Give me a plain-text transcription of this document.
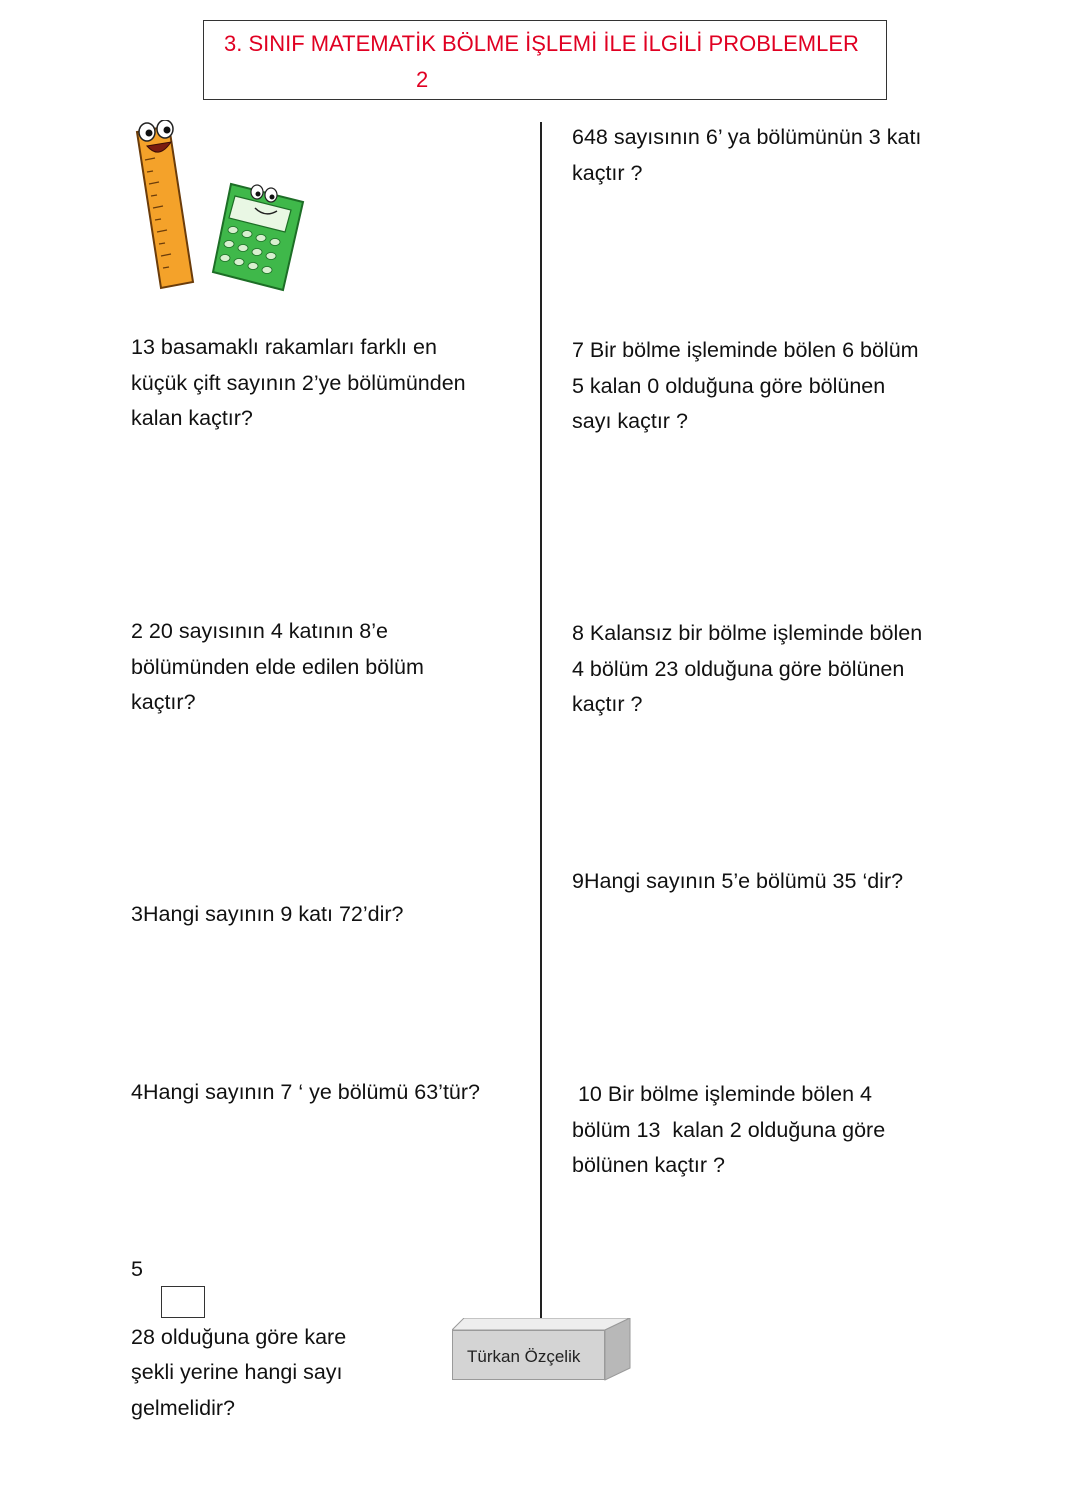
3. SINIF MATEMATİK BÖLME İŞLEMİ İLE İLGİLİ PROBLEMLER
2
13 basamaklı rakamları farklı en
küçük çift sayının 2’ye bölümünden
kalan kaçtır?
2 20 sayısının 4 katının 8’e
bölümünden elde edilen bölüm
kaçtır?
3Hangi sayının 9 katı 72’dir?
4Hangi sayının 7 ‘ ye bölümü 63’tür?
5
28 olduğuna göre kare
şekli yerine hangi sayı
gelmelidir?
648 sayısının 6’ ya bölümünün 3 katı
kaçtır ?
7 Bir bölme işleminde bölen 6 bölüm
5 kalan 0 olduğuna göre bölünen
sayı kaçtır ?
8 Kalansız bir bölme işleminde bölen
4 bölüm 23 olduğuna göre bölünen
kaçtır ?
9Hangi sayının 5’e bölümü 35 ‘dir?
10 Bir bölme işleminde bölen 4
bölüm 13  kalan 2 olduğuna göre
bölünen kaçtır ?
Türkan Özçelik
